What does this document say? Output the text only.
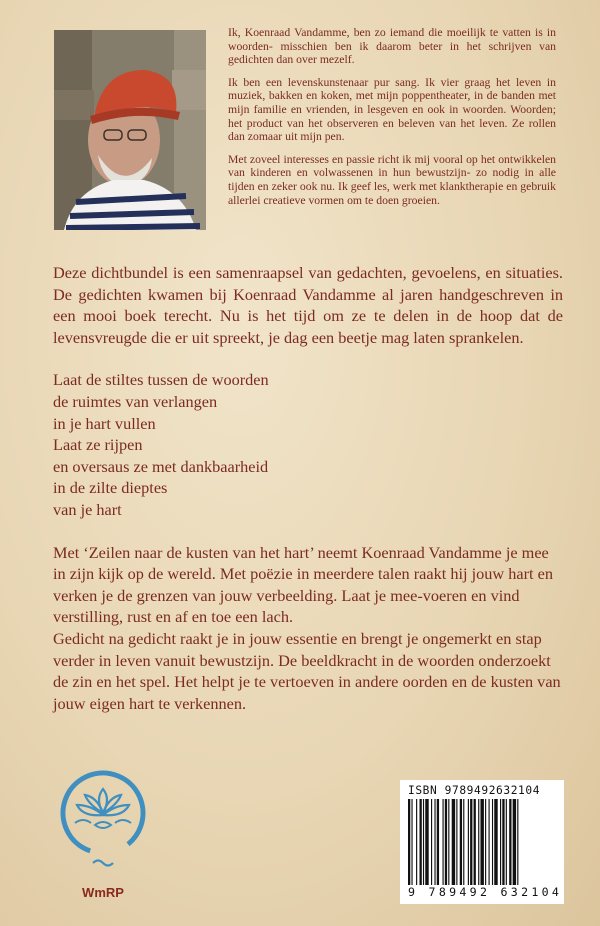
Ik, Koenraad Vandamme, ben zo iemand die moeilijk te vatten is in woorden- misschien ben ik daarom beter in het schrijven van gedichten dan over mezelf.

Ik ben een levenskunstenaar pur sang. Ik vier graag het leven in muziek, bakken en koken, met mijn poppentheater, in de banden met mijn familie en vrienden, in lesgeven en ook in woorden. Woorden; het product van het observeren en beleven van het leven. Ze rollen dan zomaar uit mijn pen.

Met zoveel interesses en passie richt ik mij vooral op het ontwikkelen van kinderen en volwassenen in hun bewustzijn- zo nodig in alle tijden en zeker ook nu. Ik geef les, werk met klanktherapie en gebruik allerlei creatieve vormen om te doen groeien.

Deze dichtbundel is een samenraapsel van gedachten, gevoelens, en situaties. De gedichten kwamen bij Koenraad Vandamme al jaren handgeschreven in een mooi boek terecht. Nu is het tijd om ze te delen in de hoop dat de levensvreugde die er uit spreekt, je dag een beetje mag laten sprankelen.

Laat de stiltes tussen de woorden
de ruimtes van verlangen
in je hart vullen
Laat ze rijpen
en oversaus ze met dankbaarheid
in de zilte dieptes
van je hart

Met ‘Zeilen naar de kusten van het hart’ neemt Koenraad Vandamme je mee in zijn kijk op de wereld. Met poëzie in meerdere talen raakt hij jouw hart en verken je de grenzen van jouw verbeelding. Laat je mee-voeren en vind verstilling, rust en af en toe een lach.

Gedicht na gedicht raakt je in jouw essentie en brengt je ongemerkt en stap verder in leven vanuit bewustzijn. De beeldkracht in de woorden onderzoekt de zin en het spel. Het helpt je te vertoeven in andere oorden en de kusten van jouw eigen hart te verkennen.

WmRP
ISBN 9789492632104
9 789492 632104
